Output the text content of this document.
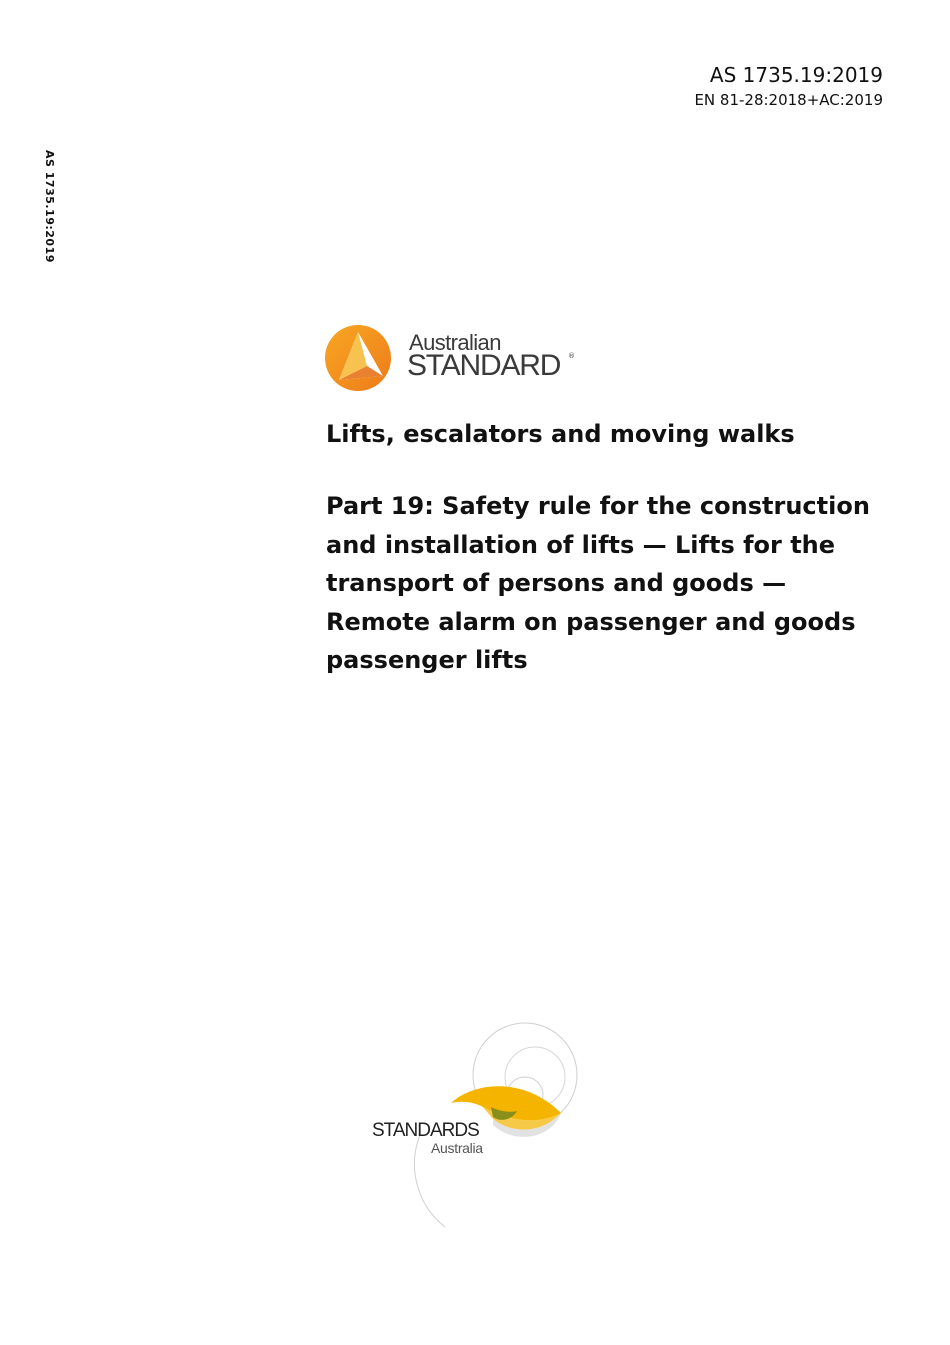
AS 1735.19:2019
EN 81-28:2018+AC:2019
AS 1735.19:2019
Australian
STANDARD ®
Lifts, escalators and moving walks
Part 19: Safety rule for the construction and installation of lifts — Lifts for the transport of persons and goods — Remote alarm on passenger and goods passenger lifts
STANDARDS
Australia
